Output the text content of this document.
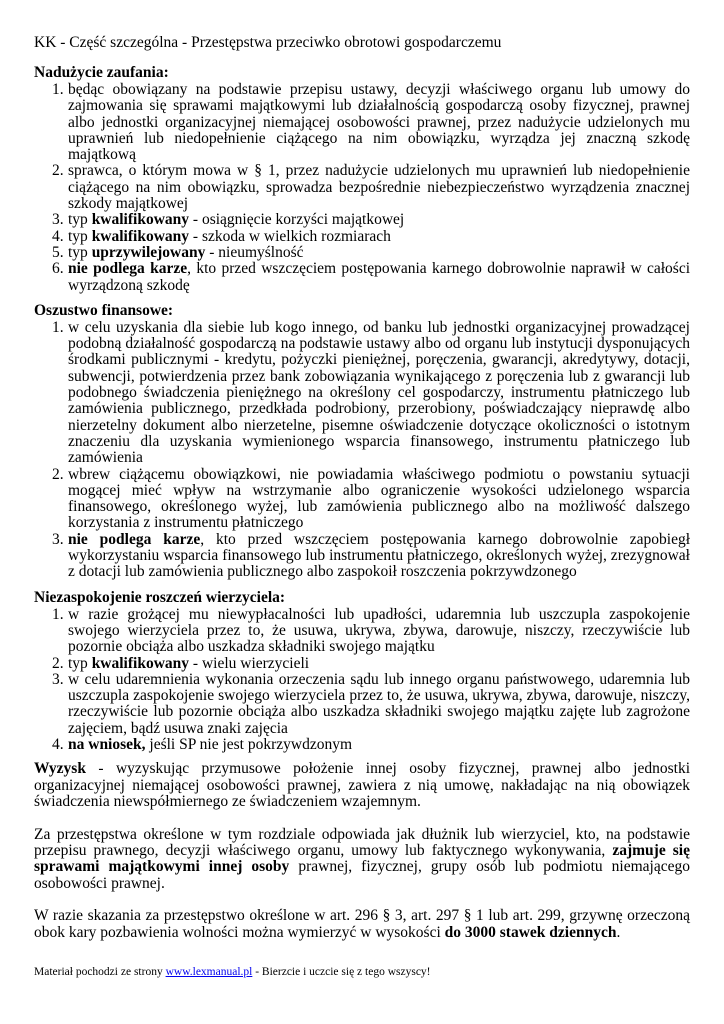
KK - Część szczególna - Przestępstwa przeciwko obrotowi gospodarczemu
Nadużycie zaufania:
1. będąc obowiązany na podstawie przepisu ustawy, decyzji właściwego organu lub umowy do zajmowania się sprawami majątkowymi lub działalnością gospodarczą osoby fizycznej, prawnej albo jednostki organizacyjnej niemającej osobowości prawnej, przez nadużycie udzielonych mu uprawnień lub niedopełnienie ciążącego na nim obowiązku, wyrządza jej znaczną szkodę majątkową
2. sprawca, o którym mowa w § 1, przez nadużycie udzielonych mu uprawnień lub niedopełnienie ciążącego na nim obowiązku, sprowadza bezpośrednie niebezpieczeństwo wyrządzenia znacznej szkody majątkowej
3. typ kwalifikowany - osiągnięcie korzyści majątkowej
4. typ kwalifikowany - szkoda w wielkich rozmiarach
5. typ uprzywilejowany - nieumyślność
6. nie podlega karze, kto przed wszczęciem postępowania karnego dobrowolnie naprawił w całości wyrządzoną szkodę
Oszustwo finansowe:
1. w celu uzyskania dla siebie lub kogo innego, od banku lub jednostki organizacyjnej prowadzącej podobną działalność gospodarczą na podstawie ustawy albo od organu lub instytucji dysponujących środkami publicznymi - kredytu, pożyczki pieniężnej, poręczenia, gwarancji, akredytywy, dotacji, subwencji, potwierdzenia przez bank zobowiązania wynikającego z poręczenia lub z gwarancji lub podobnego świadczenia pieniężnego na określony cel gospodarczy, instrumentu płatniczego lub zamówienia publicznego, przedkłada podrobiony, przerobiony, poświadczający nieprawdę albo nierzetelny dokument albo nierzetelne, pisemne oświadczenie dotyczące okoliczności o istotnym znaczeniu dla uzyskania wymienionego wsparcia finansowego, instrumentu płatniczego lub zamówienia
2. wbrew ciążącemu obowiązkowi, nie powiadamia właściwego podmiotu o powstaniu sytuacji mogącej mieć wpływ na wstrzymanie albo ograniczenie wysokości udzielonego wsparcia finansowego, określonego wyżej, lub zamówienia publicznego albo na możliwość dalszego korzystania z instrumentu płatniczego
3. nie podlega karze, kto przed wszczęciem postępowania karnego dobrowolnie zapobiegł wykorzystaniu wsparcia finansowego lub instrumentu płatniczego, określonych wyżej, zrezygnował z dotacji lub zamówienia publicznego albo zaspokoił roszczenia pokrzywdzonego
Niezaspokojenie roszczeń wierzyciela:
1. w razie grożącej mu niewypłacalności lub upadłości, udaremnia lub uszczupla zaspokojenie swojego wierzyciela przez to, że usuwa, ukrywa, zbywa, darowuje, niszczy, rzeczywiście lub pozornie obciąża albo uszkadza składniki swojego majątku
2. typ kwalifikowany - wielu wierzycieli
3. w celu udaremnienia wykonania orzeczenia sądu lub innego organu państwowego, udaremnia lub uszczupla zaspokojenie swojego wierzyciela przez to, że usuwa, ukrywa, zbywa, darowuje, niszczy, rzeczywiście lub pozornie obciąża albo uszkadza składniki swojego majątku zajęte lub zagrożone zajęciem, bądź usuwa znaki zajęcia
4. na wniosek, jeśli SP nie jest pokrzywdzonym

Wyzysk - wyzyskując przymusowe położenie innej osoby fizycznej, prawnej albo jednostki organizacyjnej niemającej osobowości prawnej, zawiera z nią umowę, nakładając na nią obowiązek świadczenia niewspółmiernego ze świadczeniem wzajemnym.

Za przestępstwa określone w tym rozdziale odpowiada jak dłużnik lub wierzyciel, kto, na podstawie przepisu prawnego, decyzji właściwego organu, umowy lub faktycznego wykonywania, zajmuje się sprawami majątkowymi innej osoby prawnej, fizycznej, grupy osób lub podmiotu niemającego osobowości prawnej.

W razie skazania za przestępstwo określone w art. 296 § 3, art. 297 § 1 lub art. 299, grzywnę orzeczoną obok kary pozbawienia wolności można wymierzyć w wysokości do 3000 stawek dziennych.

Materiał pochodzi ze strony www.lexmanual.pl - Bierzcie i uczcie się z tego wszyscy!
